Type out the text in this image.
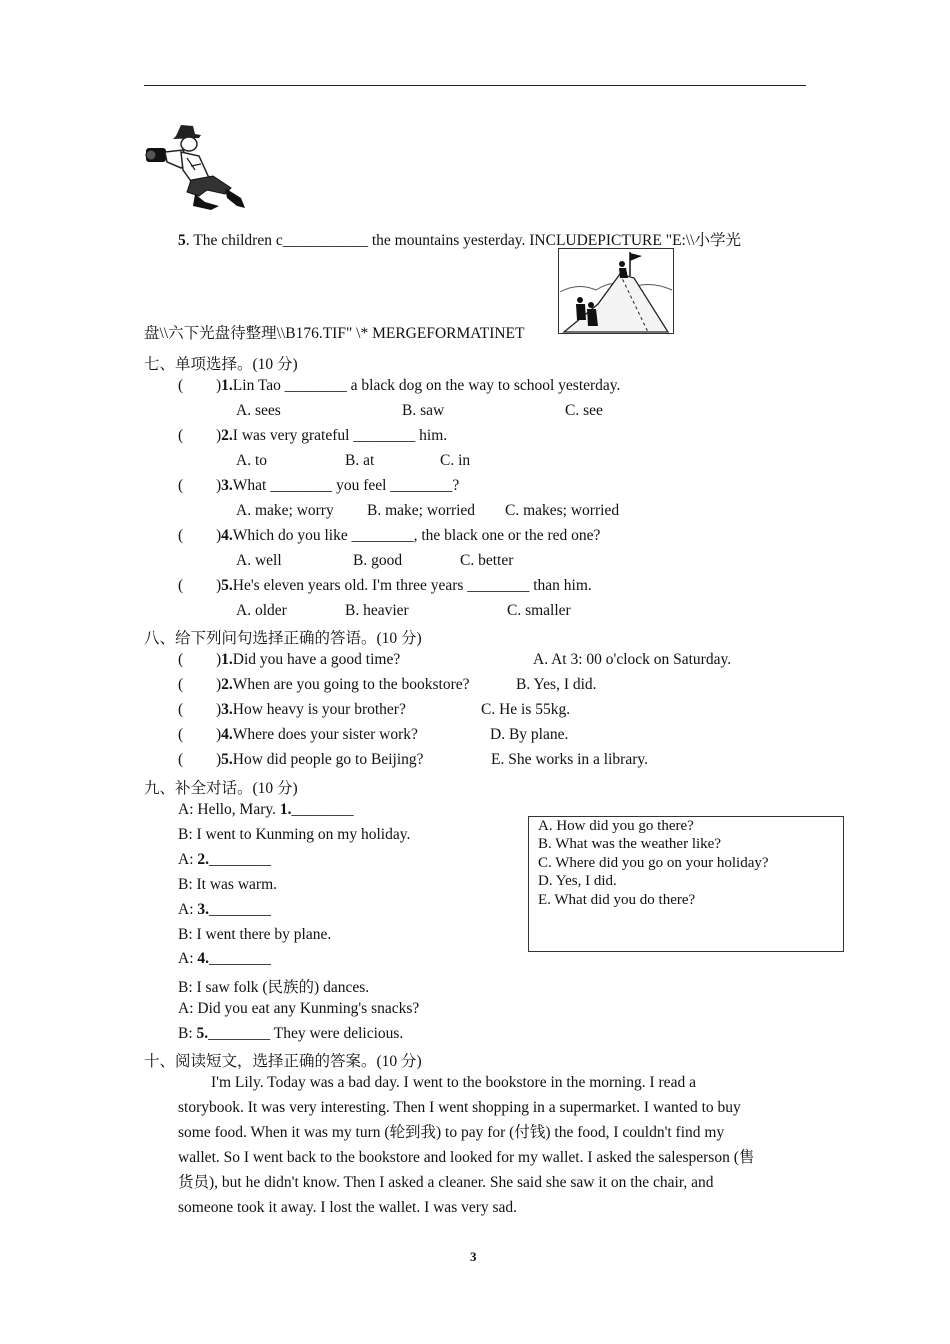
5. The children c___________ the mountains yesterday. INCLUDEPICTURE "E:\\小学光
盘\\六下光盘待整理\\B176.TIF" \* MERGEFORMATINET
七、单项选择。(10 分)
( )1.Lin Tao ________ a black dog on the way to school yesterday.
A. sees	B. saw	C. see
( )2.I was very grateful ________ him.
A. to	B. at	C. in
( )3.What ________ you feel ________?
A. make; worry B. make; worried C. makes; worried
( )4.Which do you like ________, the black one or the red one?
A. well	B. good	C. better
( )5.He's eleven years old. I'm three years ________ than him.
A. older	B. heavier	C. smaller
八、给下列问句选择正确的答语。(10 分)
( )1.Did you have a good time?	A. At 3: 00 o'clock on Saturday.
( )2.When are you going to the bookstore?	B. Yes, I did.
( )3.How heavy is your brother?	C. He is 55kg.
( )4.Where does your sister work?	D. By plane.
( )5.How did people go to Beijing?	E. She works in a library.
九、补全对话。(10 分)
A: Hello, Mary. 1.________
B: I went to Kunming on my holiday.
A: 2.________
B: It was warm.
A: 3.________
B: I went there by plane.
A: 4.________
B: I saw folk (民族的) dances.
A: Did you eat any Kunming's snacks?
B: 5.________ They were delicious.
A. How did you go there?
B. What was the weather like?
C. Where did you go on your holiday?
D. Yes, I did.
E. What did you do there?
十、阅读短文，选择正确的答案。(10 分)
I'm Lily. Today was a bad day. I went to the bookstore in the morning. I read a
storybook. It was very interesting. Then I went shopping in a supermarket. I wanted to buy
some food. When it was my turn (轮到我) to pay for (付钱) the food, I couldn't find my
wallet. So I went back to the bookstore and looked for my wallet. I asked the salesperson (售
货员), but he didn't know. Then I asked a cleaner. She said she saw it on the chair, and
someone took it away. I lost the wallet. I was very sad.
3
